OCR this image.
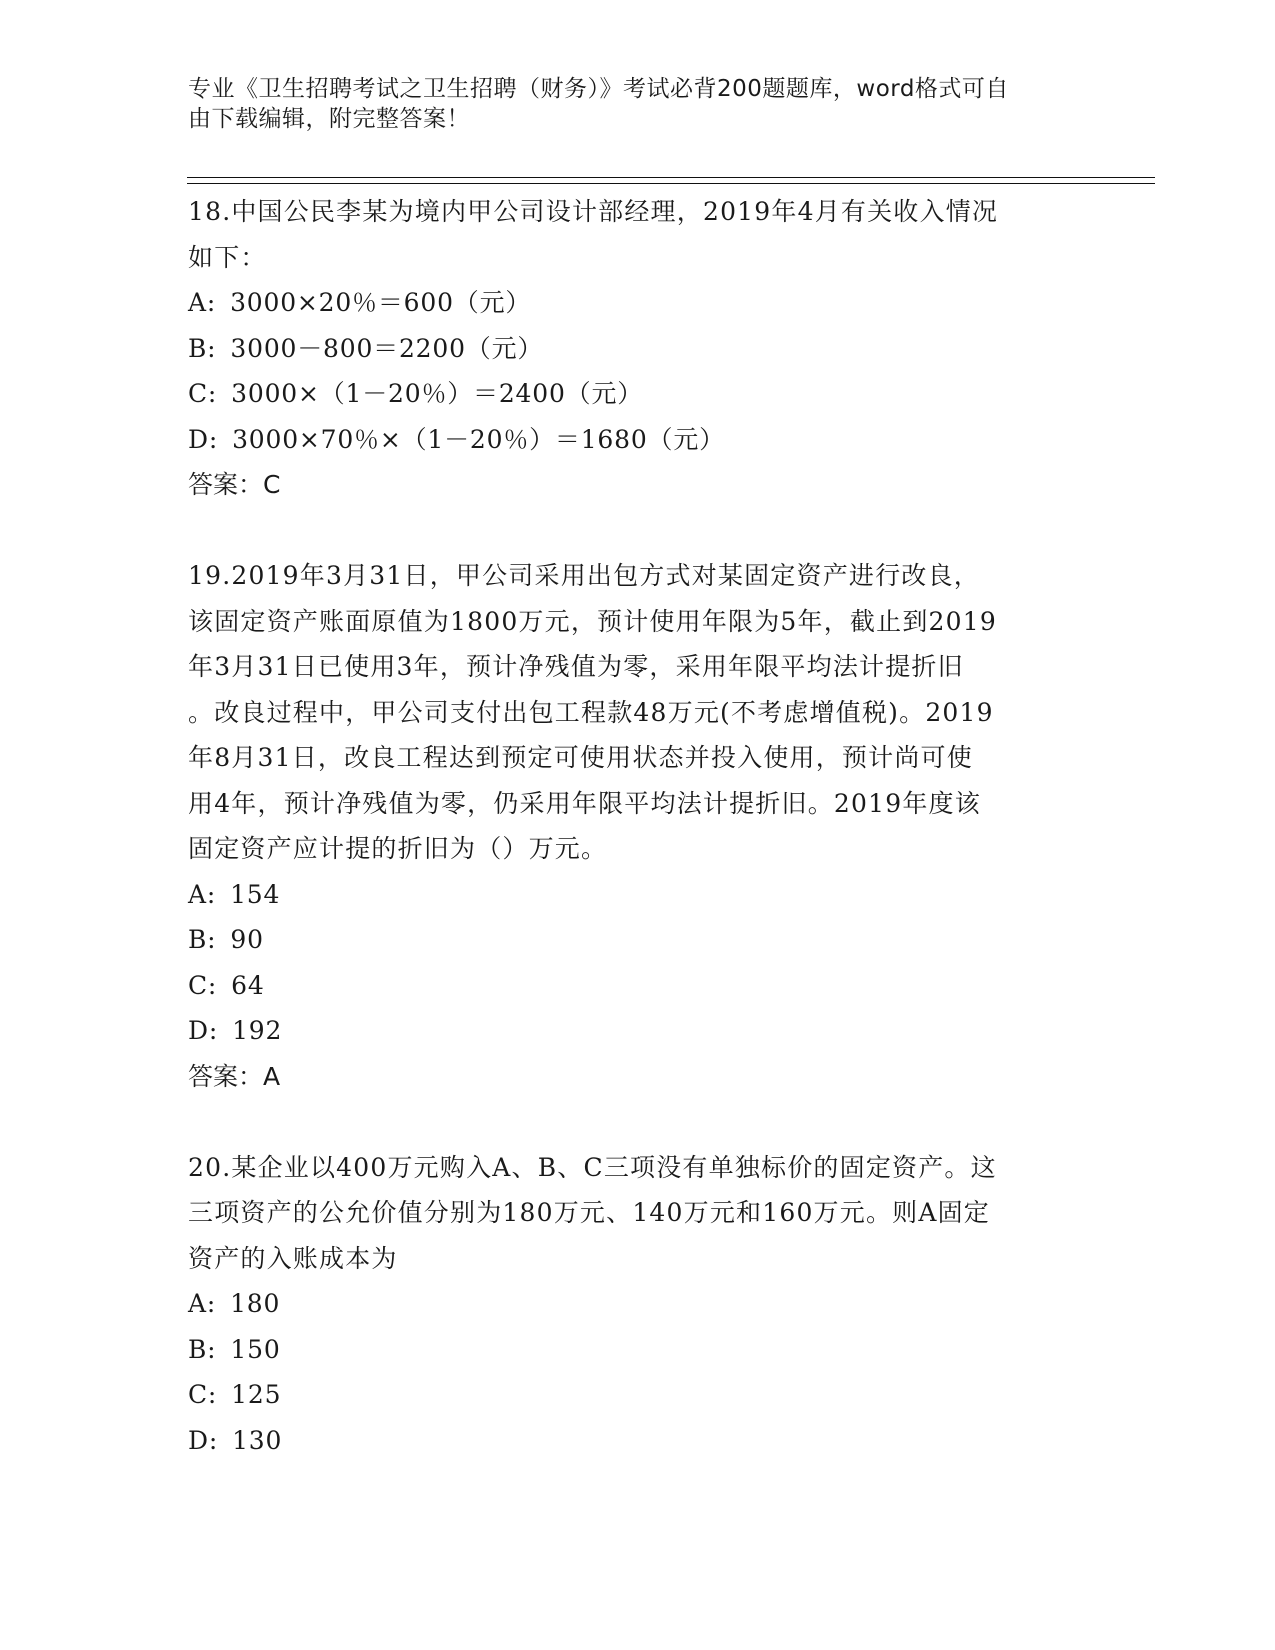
专业《卫生招聘考试之卫生招聘（财务）》考试必背200题题库，word格式可自
由下载编辑，附完整答案！

18.中国公民李某为境内甲公司设计部经理，2019年4月有关收入情况

如下：

A: 3000×20％＝600（元）

B: 3000－800＝2200（元）

C: 3000×（1－20％）＝2400（元）

D: 3000×70％×（1－20％）＝1680（元）

答案：C

19.2019年3月31日，甲公司采用出包方式对某固定资产进行改良，

该固定资产账面原值为1800万元，预计使用年限为5年，截止到2019

年3月31日已使用3年，预计净残值为零，采用年限平均法计提折旧

。改良过程中，甲公司支付出包工程款48万元(不考虑增值税)。2019

年8月31日，改良工程达到预定可使用状态并投入使用，预计尚可使

用4年，预计净残值为零，仍采用年限平均法计提折旧。2019年度该

固定资产应计提的折旧为（）万元。

A: 154

B: 90

C: 64

D: 192

答案：A

20.某企业以400万元购入A、B、C三项没有单独标价的固定资产。这

三项资产的公允价值分别为180万元、140万元和160万元。则A固定

资产的入账成本为

A: 180

B: 150

C: 125

D: 130
